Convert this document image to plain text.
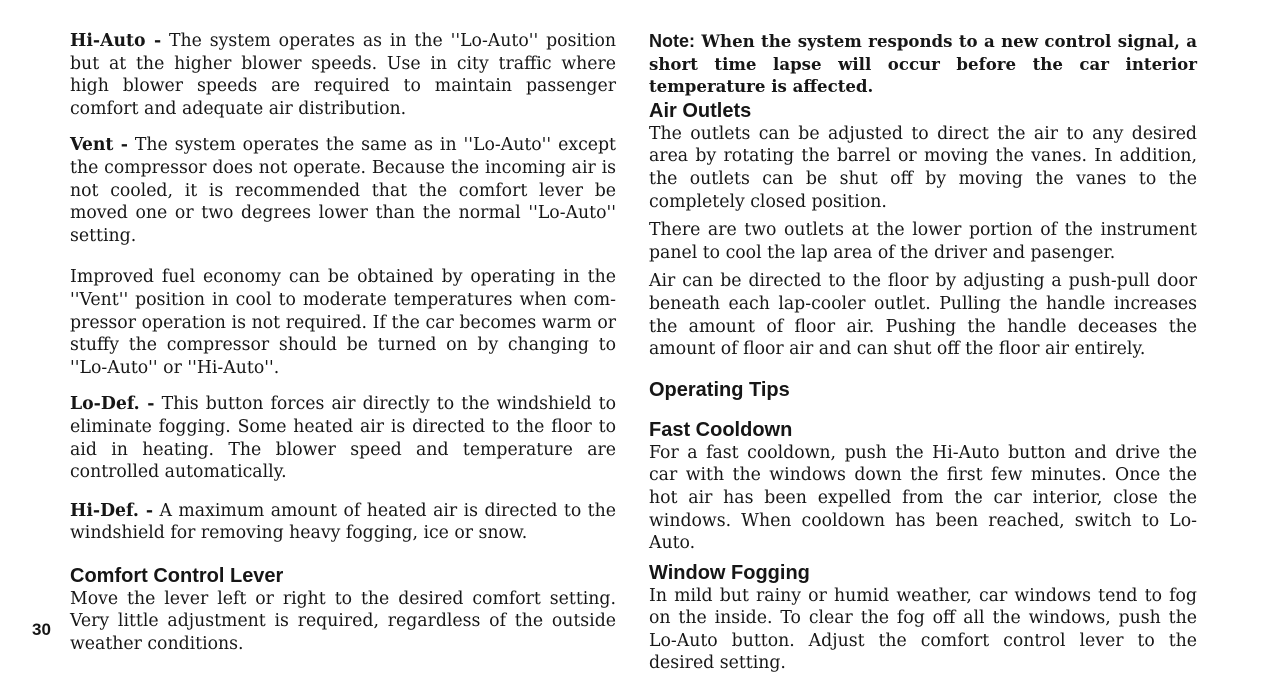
Hi-Auto - The system operates as in the ''Lo-Auto'' position but at the higher blower speeds. Use in city traffic where high blower speeds are required to maintain passenger comfort and adequate air distribution.

Vent - The system operates the same as in ''Lo-Auto'' except the compressor does not operate. Because the incoming air is not cooled, it is recommended that the comfort lever be moved one or two degrees lower than the normal ''Lo-Auto'' setting.

Improved fuel economy can be obtained by operating in the ''Vent'' position in cool to moderate temperatures when com-pressor operation is not required. If the car becomes warm or stuffy the compressor should be turned on by changing to ''Lo-Auto'' or ''Hi-Auto''.

Lo-Def. - This button forces air directly to the windshield to eliminate fogging. Some heated air is directed to the floor to aid in heating. The blower speed and temperature are controlled automatically.

Hi-Def. - A maximum amount of heated air is directed to the windshield for removing heavy fogging, ice or snow.

Comfort Control Lever

Move the lever left or right to the desired comfort setting. Very little adjustment is required, regardless of the outside weather conditions.

Note: When the system responds to a new control signal, a short time lapse will occur before the car interior temperature is affected.

Air Outlets

The outlets can be adjusted to direct the air to any desired area by rotating the barrel or moving the vanes. In addition, the outlets can be shut off by moving the vanes to the completely closed position.

There are two outlets at the lower portion of the instrument panel to cool the lap area of the driver and pasenger.

Air can be directed to the floor by adjusting a push-pull door beneath each lap-cooler outlet. Pulling the handle increases the amount of floor air. Pushing the handle deceases the amount of floor air and can shut off the floor air entirely.

Operating Tips
Fast Cooldown

For a fast cooldown, push the Hi-Auto button and drive the car with the windows down the first few minutes. Once the hot air has been expelled from the car interior, close the windows. When cooldown has been reached, switch to Lo-Auto.

Window Fogging

In mild but rainy or humid weather, car windows tend to fog on the inside. To clear the fog off all the windows, push the Lo-Auto button. Adjust the comfort control lever to the desired setting.

30
